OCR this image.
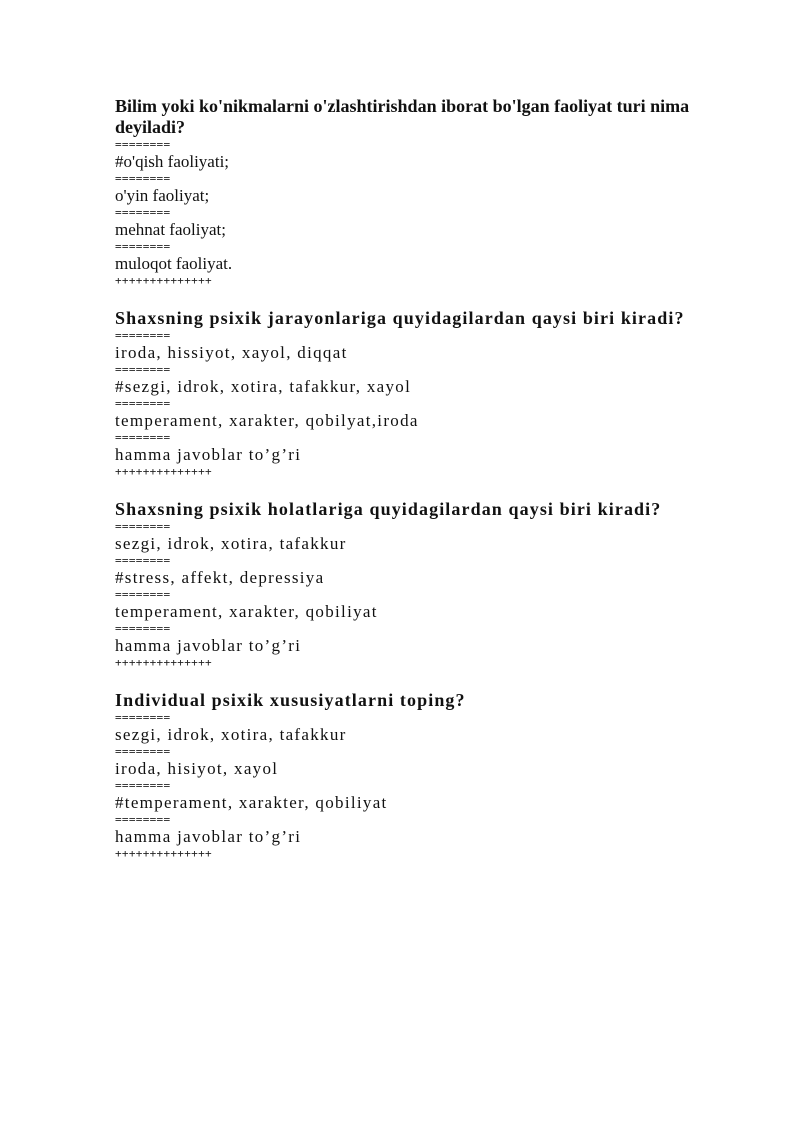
Bilim yoki ko'nikmalarni o'zlashtirishdan iborat bo'lgan faoliyat turi nima deyiladi?
========
#o'qish faoliyati;
========
o'yin faoliyat;
========
mehnat faoliyat;
========
muloqot faoliyat.
++++++++++++++
Shaxsning psixik jarayonlariga quyidagilardan qaysi biri kiradi?
========
iroda, hissiyot, xayol, diqqat
========
#sezgi, idrok, xotira, tafakkur, xayol
========
temperament, xarakter, qobilyat,iroda
========
hamma javoblar to’g’ri
++++++++++++++
Shaxsning psixik holatlariga quyidagilardan qaysi biri kiradi?
========
sezgi, idrok, xotira, tafakkur
========
#stress, affekt, depressiya
========
temperament, xarakter, qobiliyat
========
hamma javoblar to’g’ri
++++++++++++++
Individual psixik xususiyatlarni toping?
========
sezgi, idrok, xotira, tafakkur
========
iroda, hisiyot, xayol
========
#temperament, xarakter, qobiliyat
========
hamma javoblar to’g’ri
++++++++++++++
